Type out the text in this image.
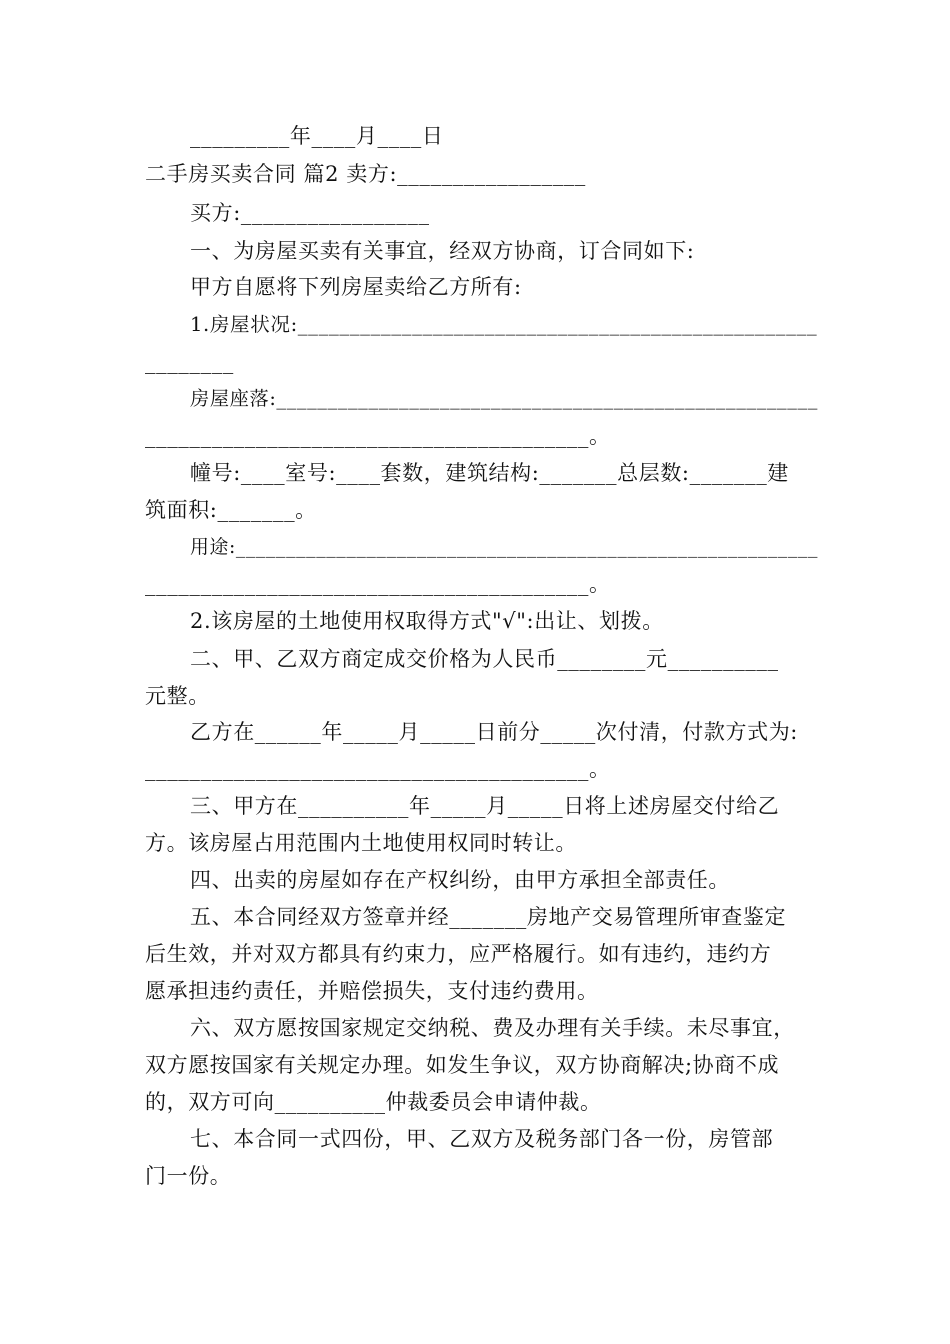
_________年____月____日
二手房买卖合同 篇2 卖方:_________________
买方:_________________
一、为房屋买卖有关事宜，经双方协商，订合同如下:
甲方自愿将下列房屋卖给乙方所有:
1.房屋状况:__________________________________________________
________
房屋座落:_____________________________________________________
________________________________________。
幢号:____室号:____套数，建筑结构:_______总层数:_______建
筑面积:_______。
用途:__________________________________________________________
________________________________________。
2.该房屋的土地使用权取得方式"√":出让、划拨。
二、甲、乙双方商定成交价格为人民币________元__________
元整。
乙方在______年_____月_____日前分_____次付清，付款方式为:
________________________________________。
三、甲方在__________年_____月_____日将上述房屋交付给乙
方。该房屋占用范围内土地使用权同时转让。
四、出卖的房屋如存在产权纠纷，由甲方承担全部责任。
五、本合同经双方签章并经_______房地产交易管理所审查鉴定
后生效，并对双方都具有约束力，应严格履行。如有违约，违约方
愿承担违约责任，并赔偿损失，支付违约费用。
六、双方愿按国家规定交纳税、费及办理有关手续。未尽事宜，
双方愿按国家有关规定办理。如发生争议，双方协商解决;协商不成
的，双方可向__________仲裁委员会申请仲裁。
七、本合同一式四份，甲、乙双方及税务部门各一份，房管部
门一份。
